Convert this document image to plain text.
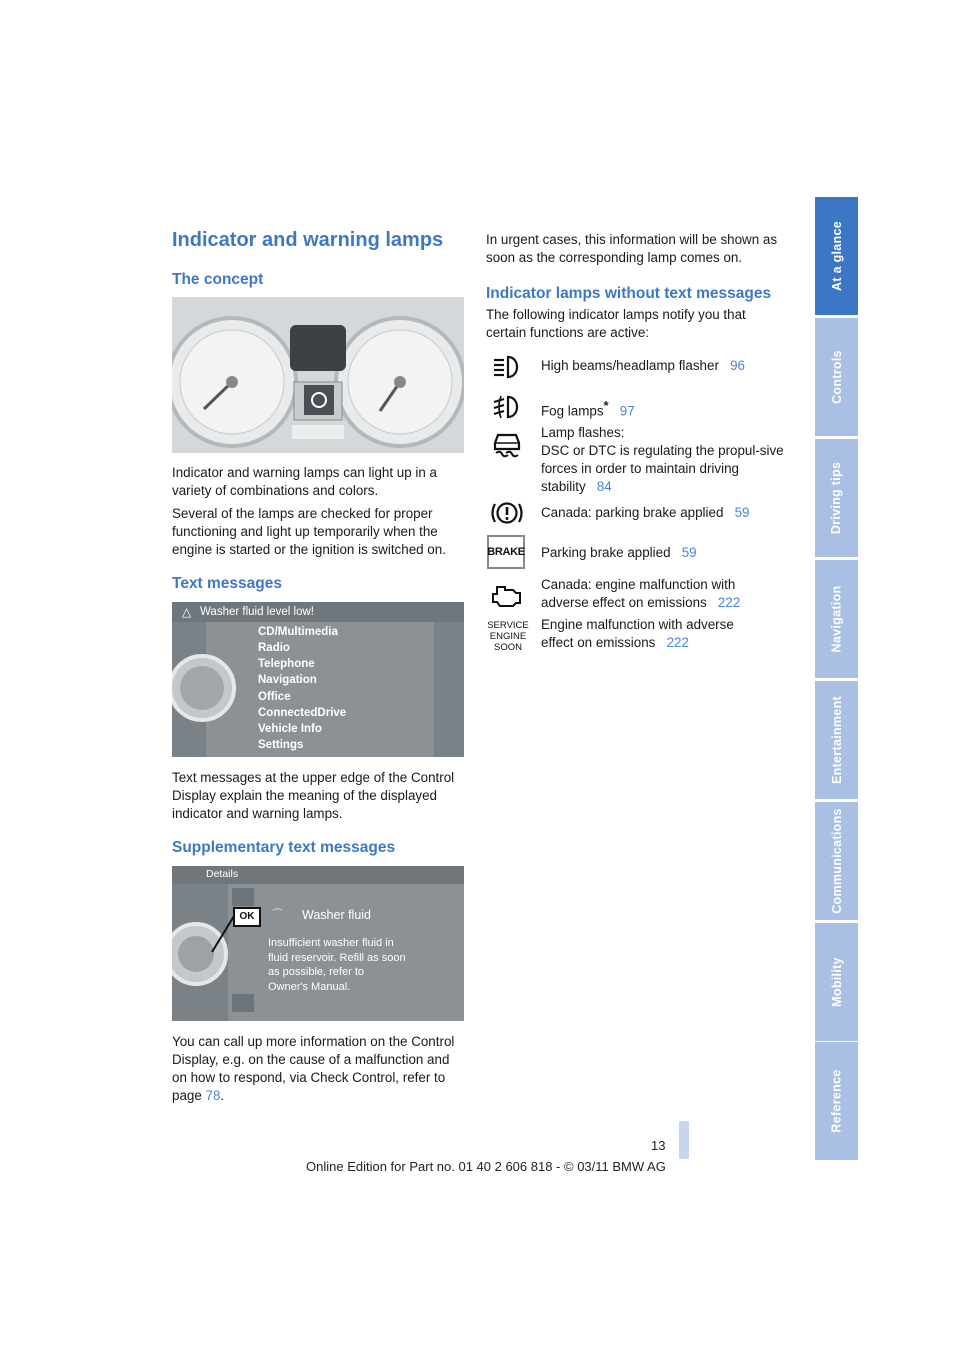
At a glance
Controls
Driving tips
Navigation
Entertainment
Communications
Mobility
Reference
Indicator and warning lamps
The concept
Indicator and warning lamps can light up in a variety of combinations and colors.
Several of the lamps are checked for proper functioning and light up temporarily when the engine is started or the ignition is switched on.
Text messages
△ Washer fluid level low!
CD/Multimedia
Radio
Telephone
Navigation
Office
ConnectedDrive
Vehicle Info
Settings
Text messages at the upper edge of the Control Display explain the meaning of the displayed indicator and warning lamps.
Supplementary text messages
Details
OK	⌒ Washer fluid
Insufficient washer fluid in
fluid reservoir. Refill as soon
as possible, refer to
Owner's Manual.
You can call up more information on the Control Display, e.g. on the cause of a malfunction and on how to respond, via Check Control, refer to page 78.
In urgent cases, this information will be shown as soon as the corresponding lamp comes on.
Indicator lamps without text messages
The following indicator lamps notify you that certain functions are active:
High beams/headlamp flasher 96
Fog lamps* 97
Lamp flashes:
DSC or DTC is regulating the propul-sive forces in order to maintain driving stability 84
Canada: parking brake applied 59
BRAKE Parking brake applied 59
Canada: engine malfunction with adverse effect on emissions 222
SERVICE ENGINE SOON
Engine malfunction with adverse effect on emissions 222
13
Online Edition for Part no. 01 40 2 606 818 - © 03/11 BMW AG
